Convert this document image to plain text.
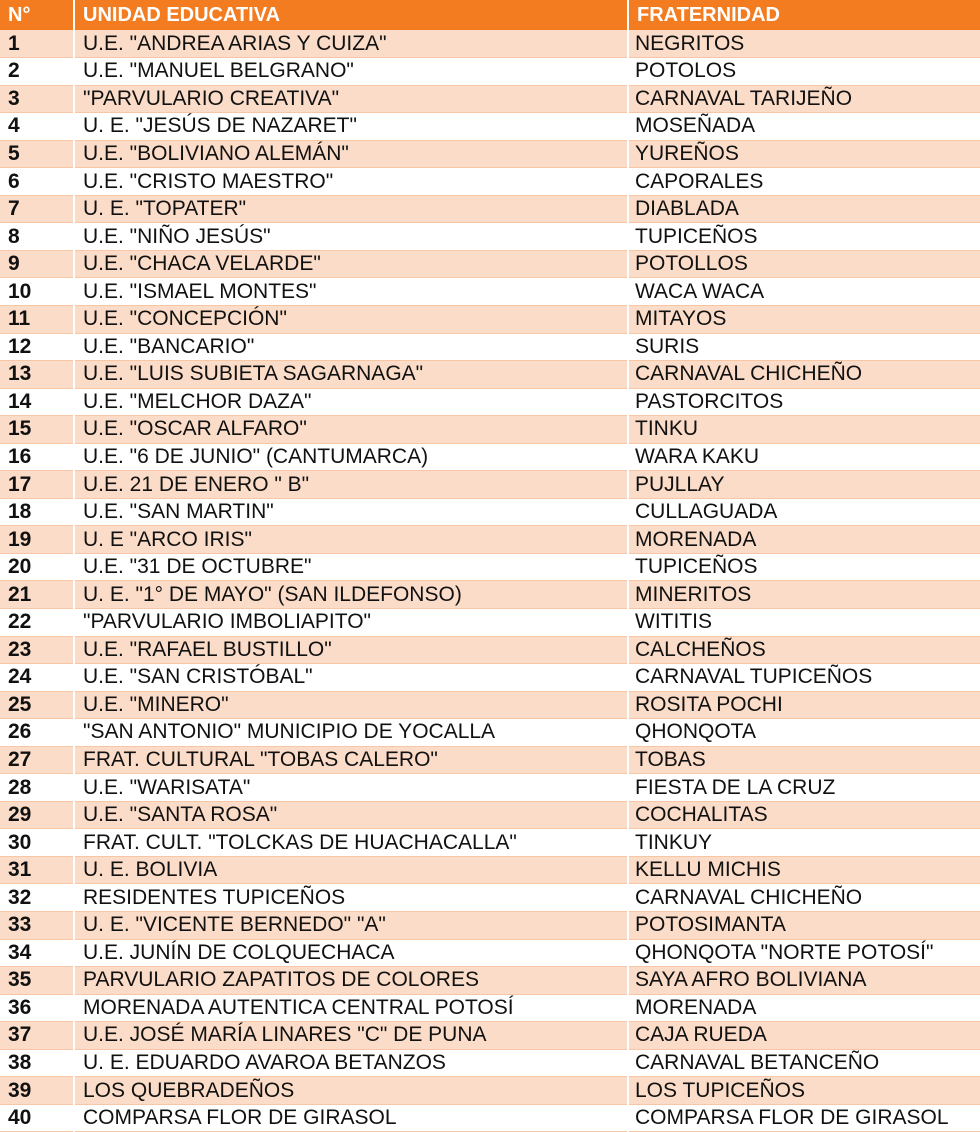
N°	UNIDAD EDUCATIVA	FRATERNIDAD
1	U.E. "ANDREA ARIAS Y CUIZA"	NEGRITOS
2	U.E. "MANUEL BELGRANO"	POTOLOS
3	"PARVULARIO CREATIVA"	CARNAVAL TARIJEÑO
4	U. E. "JESÚS DE NAZARET"	MOSEÑADA
5	U.E. "BOLIVIANO ALEMÁN"	YUREÑOS
6	U.E. "CRISTO MAESTRO"	CAPORALES
7	U. E. "TOPATER"	DIABLADA
8	U.E. "NIÑO JESÚS"	TUPICEÑOS
9	U.E. "CHACA VELARDE"	POTOLLOS
10	U.E. "ISMAEL MONTES"	WACA WACA
11	U.E. "CONCEPCIÓN"	MITAYOS
12	U.E. "BANCARIO"	SURIS
13	U.E. "LUIS SUBIETA SAGARNAGA"	CARNAVAL CHICHEÑO
14	U.E. "MELCHOR DAZA"	PASTORCITOS
15	U.E. "OSCAR ALFARO"	TINKU
16	U.E. "6 DE JUNIO" (CANTUMARCA)	WARA KAKU
17	U.E. 21 DE ENERO " B"	PUJLLAY
18	U.E. "SAN MARTIN"	CULLAGUADA
19	U. E "ARCO IRIS"	MORENADA
20	U.E. "31 DE OCTUBRE"	TUPICEÑOS
21	U. E. "1° DE MAYO" (SAN ILDEFONSO)	MINERITOS
22	"PARVULARIO IMBOLIAPITO"	WITITIS
23	U.E. "RAFAEL BUSTILLO"	CALCHEÑOS
24	U.E. "SAN CRISTÓBAL"	CARNAVAL TUPICEÑOS
25	U.E. "MINERO"	ROSITA POCHI
26	"SAN ANTONIO" MUNICIPIO DE YOCALLA	QHONQOTA
27	FRAT. CULTURAL "TOBAS CALERO"	TOBAS
28	U.E. "WARISATA"	FIESTA DE LA CRUZ
29	U.E. "SANTA ROSA"	COCHALITAS
30	FRAT. CULT. "TOLCKAS DE HUACHACALLA"	TINKUY
31	U. E. BOLIVIA	KELLU MICHIS
32	RESIDENTES TUPICEÑOS	CARNAVAL CHICHEÑO
33	U. E. "VICENTE BERNEDO" "A"	POTOSIMANTA
34	U.E. JUNÍN DE COLQUECHACA	QHONQOTA "NORTE POTOSÍ"
35	PARVULARIO ZAPATITOS DE COLORES	SAYA AFRO BOLIVIANA
36	MORENADA AUTENTICA CENTRAL POTOSÍ	MORENADA
37	U.E. JOSÉ MARÍA LINARES "C" DE PUNA	CAJA RUEDA
38	U. E. EDUARDO AVAROA BETANZOS	CARNAVAL BETANCEÑO
39	LOS QUEBRADEÑOS	LOS TUPICEÑOS
40	COMPARSA FLOR DE GIRASOL	COMPARSA FLOR DE GIRASOL
